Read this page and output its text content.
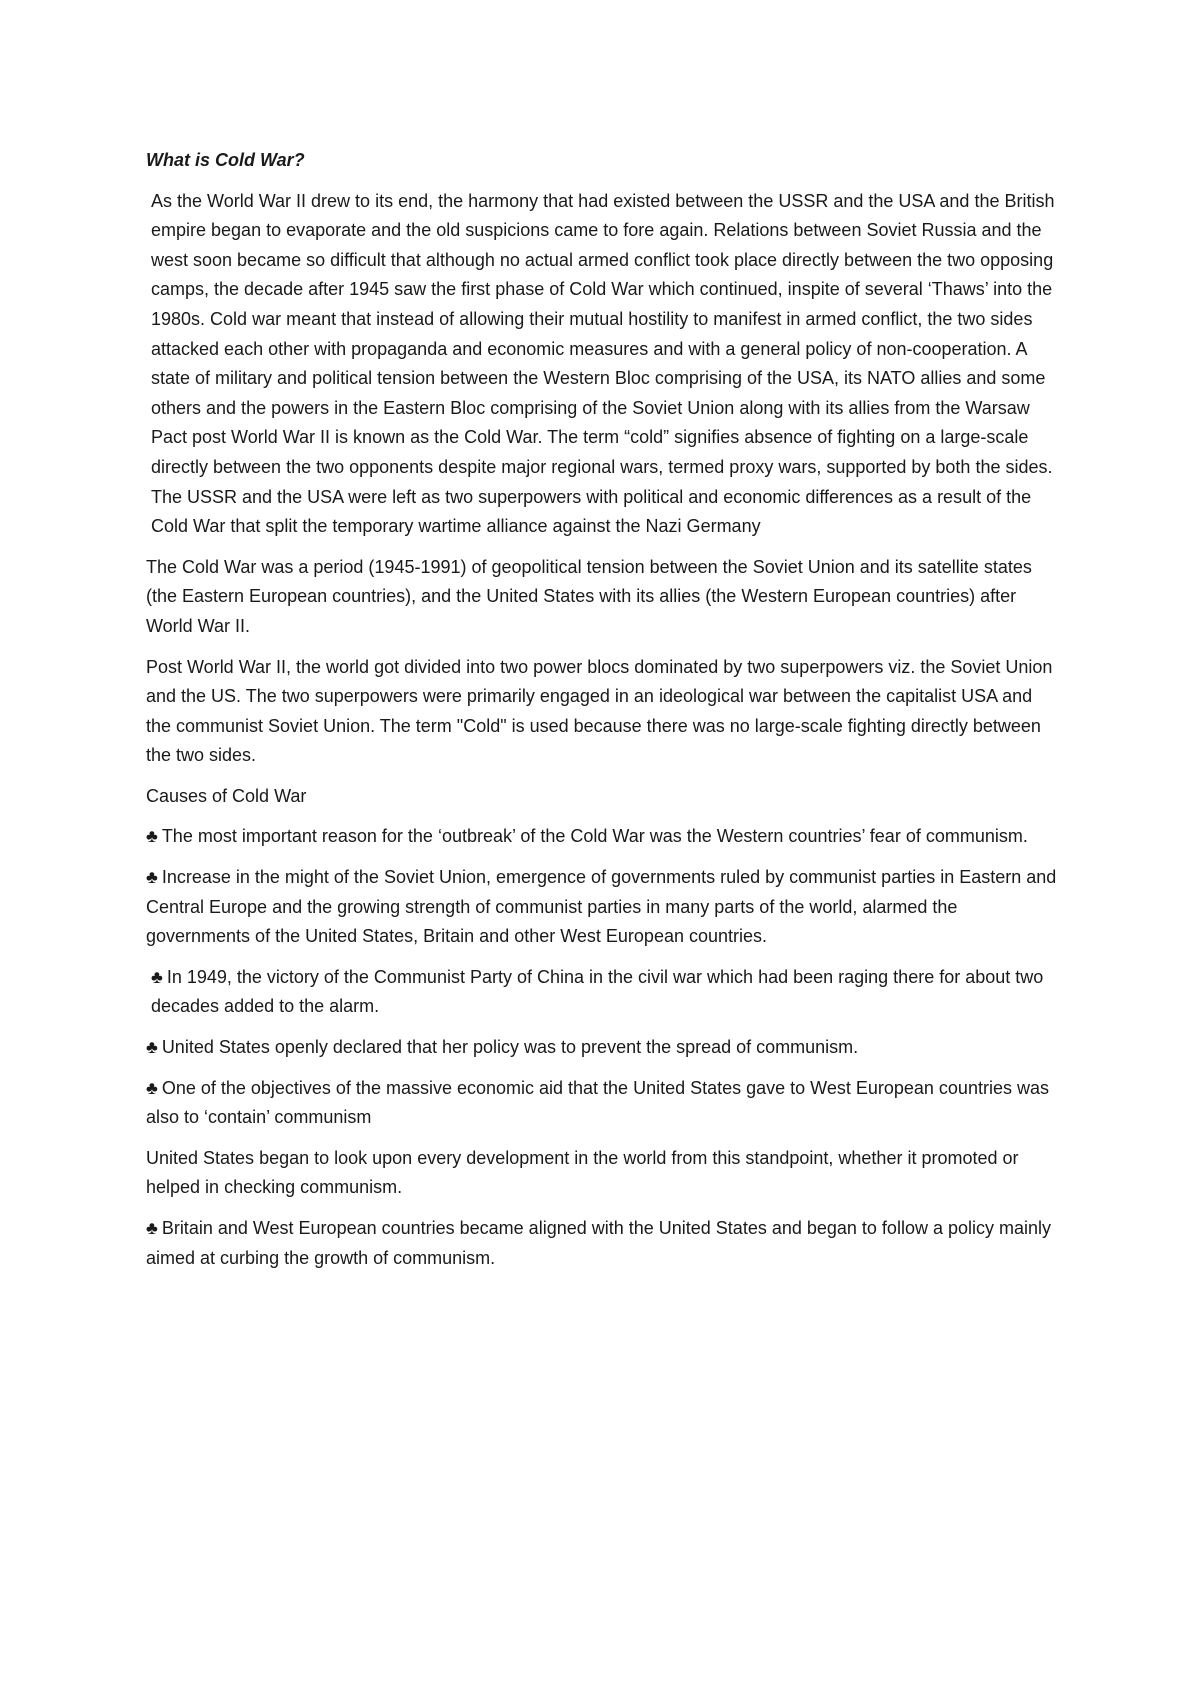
What is Cold War?

As the World War II drew to its end, the harmony that had existed between the USSR and the USA and the British empire began to evaporate and the old suspicions came to fore again. Relations between Soviet Russia and the west soon became so difficult that although no actual armed conflict took place directly between the two opposing camps, the decade after 1945 saw the first phase of Cold War which continued, inspite of several ‘Thaws’ into the 1980s. Cold war meant that instead of allowing their mutual hostility to manifest in armed conflict, the two sides attacked each other with propaganda and economic measures and with a general policy of non-cooperation. A state of military and political tension between the Western Bloc comprising of the USA, its NATO allies and some others and the powers in the Eastern Bloc comprising of the Soviet Union along with its allies from the Warsaw Pact post World War II is known as the Cold War. The term “cold” signifies absence of fighting on a large-scale directly between the two opponents despite major regional wars, termed proxy wars, supported by both the sides. The USSR and the USA were left as two superpowers with political and economic differences as a result of the Cold War that split the temporary wartime alliance against the Nazi Germany

The Cold War was a period (1945-1991) of geopolitical tension between the Soviet Union and its satellite states (the Eastern European countries), and the United States with its allies (the Western European countries) after World War II.

Post World War II, the world got divided into two power blocs dominated by two superpowers viz. the Soviet Union and the US. The two superpowers were primarily engaged in an ideological war between the capitalist USA and the communist Soviet Union. The term "Cold" is used because there was no large-scale fighting directly between the two sides.

Causes of Cold War

♣ The most important reason for the ‘outbreak’ of the Cold War was the Western countries’ fear of communism.

♣ Increase in the might of the Soviet Union, emergence of governments ruled by communist parties in Eastern and Central Europe and the growing strength of communist parties in many parts of the world, alarmed the governments of the United States, Britain and other West European countries.

♣ In 1949, the victory of the Communist Party of China in the civil war which had been raging there for about two decades added to the alarm.

♣ United States openly declared that her policy was to prevent the spread of communism.

♣ One of the objectives of the massive economic aid that the United States gave to West European countries was also to ‘contain’ communism

United States began to look upon every development in the world from this standpoint, whether it promoted or helped in checking communism.

♣ Britain and West European countries became aligned with the United States and began to follow a policy mainly aimed at curbing the growth of communism.
